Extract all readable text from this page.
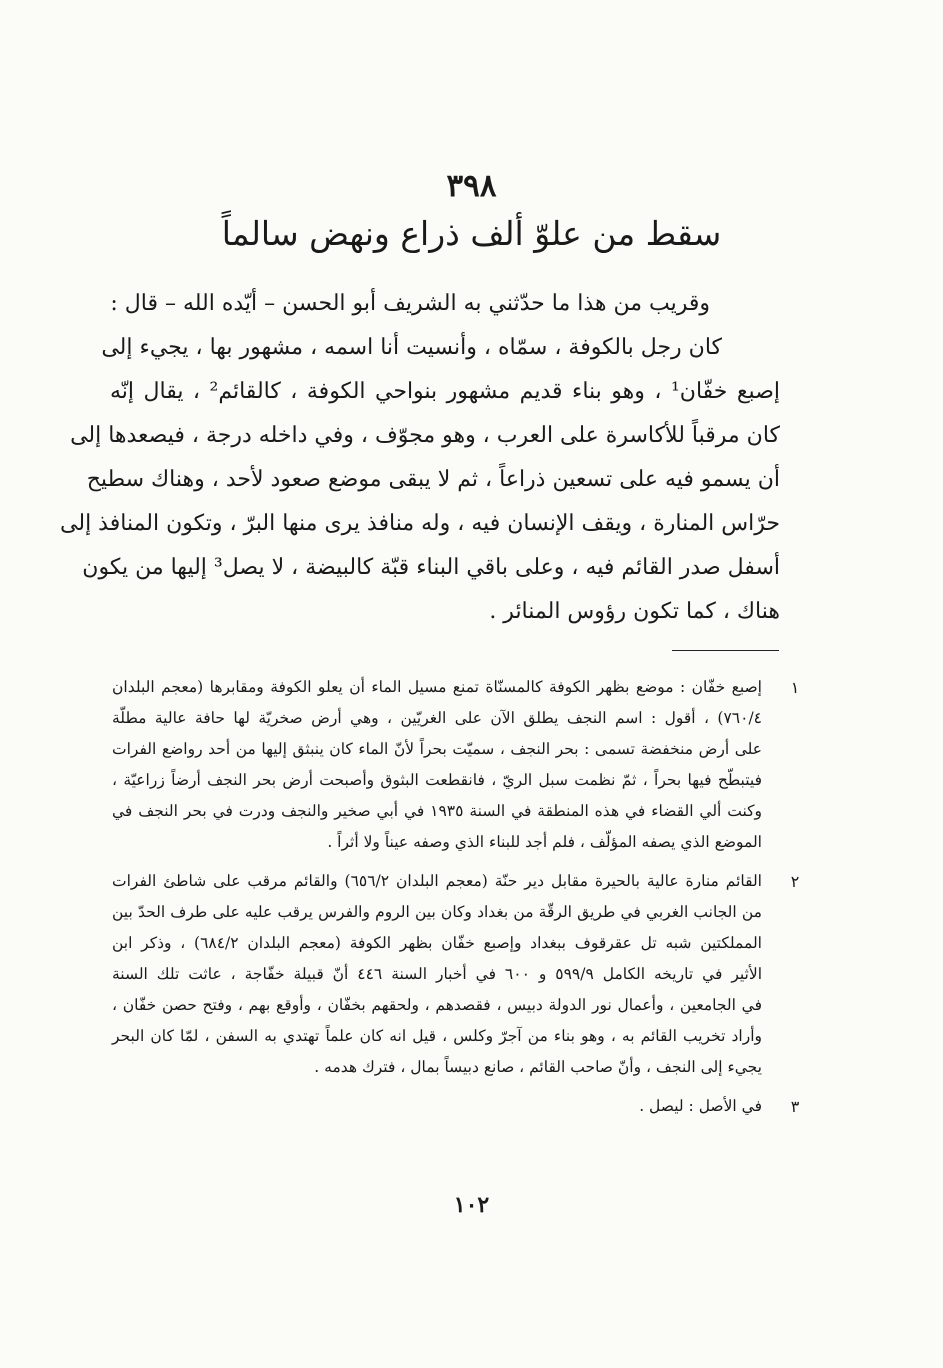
٣٩٨
سقط من علوّ ألف ذراع ونهض سالماً
وقريب من هذا ما حدّثني به الشريف أبو الحسن – أيّده الله – قال :
كان رجل بالكوفة ، سمّاه ، وأنسيت أنا اسمه ، مشهور بها ، يجيء إلى
إصبع خفّان¹ ، وهو بناء قديم مشهور بنواحي الكوفة ، كالقائم² ، يقال إنّه
كان مرقباً للأكاسرة على العرب ، وهو مجوّف ، وفي داخله درجة ، فيصعدها إلى
أن يسمو فيه على تسعين ذراعاً ، ثم لا يبقى موضع صعود لأحد ، وهناك سطيح
حرّاس المنارة ، ويقف الإنسان فيه ، وله منافذ يرى منها البرّ ، وتكون المنافذ إلى
أسفل صدر القائم فيه ، وعلى باقي البناء قبّة كالبيضة ، لا يصل³ إليها من يكون
هناك ، كما تكون رؤوس المنائر .
١
إصبع خفّان : موضع بظهر الكوفة كالمسنّاة تمنع مسيل الماء أن يعلو الكوفة ومقابرها (معجم البلدان
٧٦٠/٤) ، أقول : اسم النجف يطلق الآن على الغريّين ، وهي أرض صخريّة لها حافة عالية مطلّة
على أرض منخفضة تسمى : بحر النجف ، سميّت بحراً لأنّ الماء كان ينبثق إليها من أحد رواضع الفرات
فيتبطّح فيها بحراً ، ثمّ نظمت سبل الريّ ، فانقطعت البثوق وأصبحت أرض بحر النجف أرضاً زراعيّة ،
وكنت ألي القضاء في هذه المنطقة في السنة ١٩٣٥ في أبي صخير والنجف ودرت في بحر النجف في
الموضع الذي يصفه المؤلّف ، فلم أجد للبناء الذي وصفه عيناً ولا أثراً .
٢
القائم منارة عالية بالحيرة مقابل دير حنّة (معجم البلدان ٦٥٦/٢) والقائم مرقب على شاطئ الفرات
من الجانب الغربي في طريق الرقّة من بغداد وكان بين الروم والفرس يرقب عليه على طرف الحدّ بين
المملكتين شبه تل عقرقوف ببغداد وإصبع خفّان بظهر الكوفة (معجم البلدان ٦٨٤/٢) ، وذكر ابن
الأثير في تاريخه الكامل ٥٩٩/٩ و ٦٠٠ في أخبار السنة ٤٤٦ أنّ قبيلة خفّاجة ، عاثت تلك السنة
في الجامعين ، وأعمال نور الدولة دبيس ، فقصدهم ، ولحقهم بخفّان ، وأوقع بهم ، وفتح حصن خفّان ،
وأراد تخريب القائم به ، وهو بناء من آجرّ وكلس ، قيل انه كان علماً تهتدي به السفن ، لمّا كان البحر
يجيء إلى النجف ، وأنّ صاحب القائم ، صانع دبيساً بمال ، فترك هدمه .
٣
في الأصل : ليصل .
١٠٢
